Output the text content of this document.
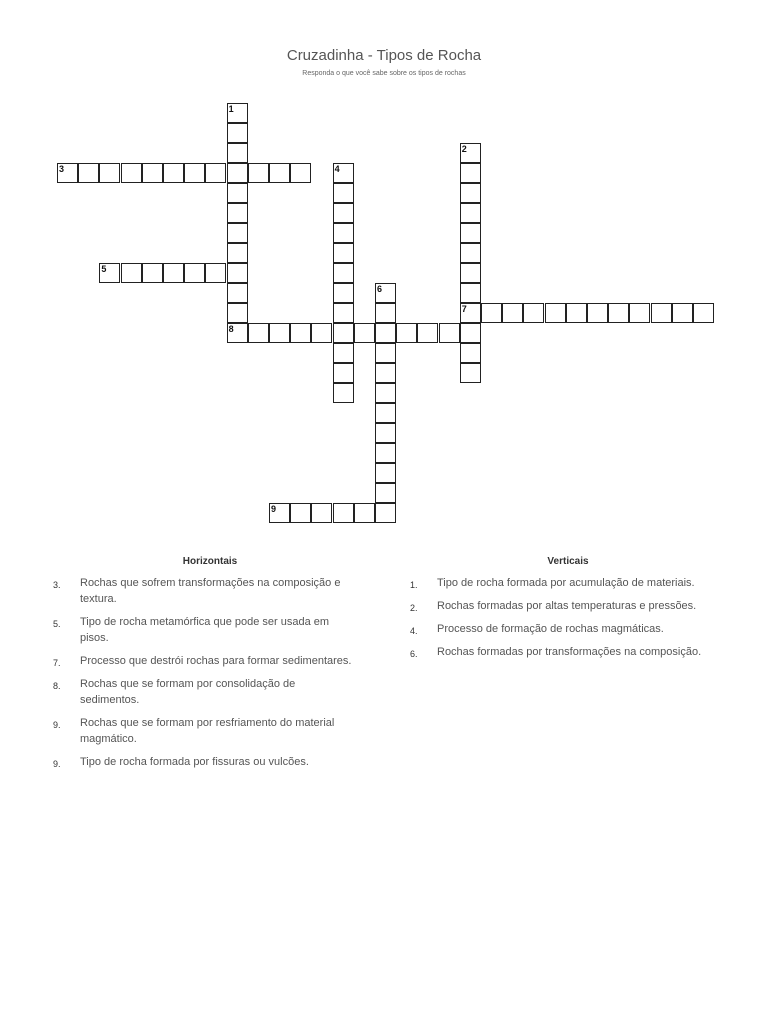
Cruzadinha - Tipos de Rocha
Responda o que você sabe sobre os tipos de rochas
3
5
7
8
9
1
2
4
6
Horizontais
3.	Rochas que sofrem transformações na composição e textura.
5.	Tipo de rocha metamórfica que pode ser usada em pisos.
7.	Processo que destrói rochas para formar sedimentares.
8.	Rochas que se formam por consolidação de sedimentos.
9.	Rochas que se formam por resfriamento do material magmático.
9.	Tipo de rocha formada por fissuras ou vulcões.
Verticais
1.	Tipo de rocha formada por acumulação de materiais.
2.	Rochas formadas por altas temperaturas e pressões.
4.	Processo de formação de rochas magmáticas.
6.	Rochas formadas por transformações na composição.
